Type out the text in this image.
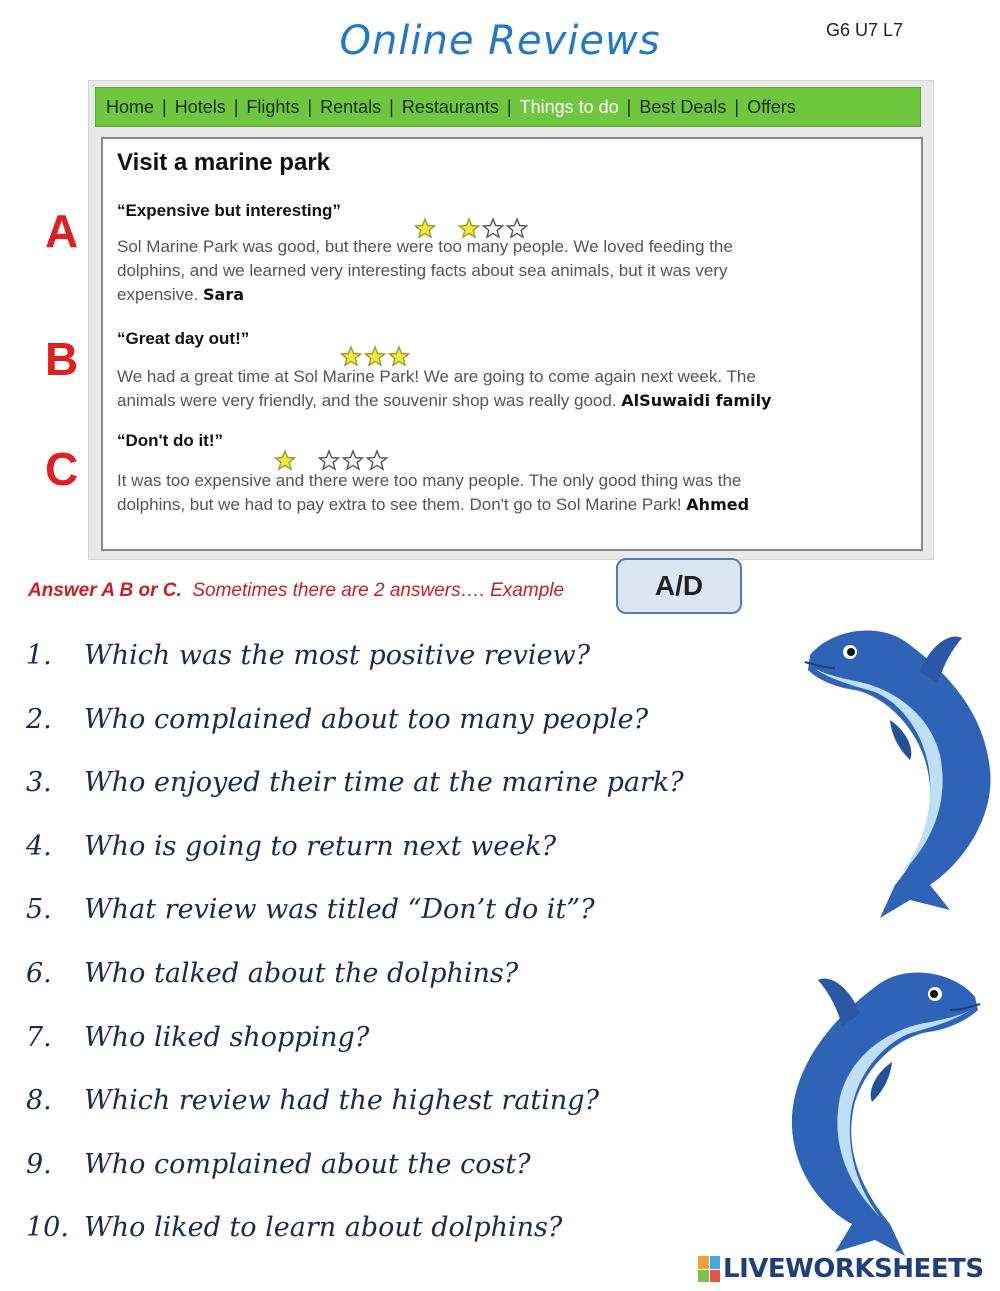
Online Reviews	G6 U7 L7
Home | Hotels | Flights | Rentals | Restaurants | Things to do | Best Deals | Offers
Visit a marine park
“Expensive but interesting”
Sol Marine Park was good, but there were too many people. We loved feeding the
dolphins, and we learned very interesting facts about sea animals, but it was very
expensive. Sara
“Great day out!”
We had a great time at Sol Marine Park! We are going to come again next week. The
animals were very friendly, and the souvenir shop was really good. AlSuwaidi family
“Don't do it!”
It was too expensive and there were too many people. The only good thing was the
dolphins, but we had to pay extra to see them. Don't go to Sol Marine Park! Ahmed
A
B
C
Answer A B or C. Sometimes there are 2 answers…. Example	A/D
1. Which was the most positive review?
2. Who complained about too many people?
3. Who enjoyed their time at the marine park?
4. Who is going to return next week?
5. What review was titled “Don’t do it”?
6. Who talked about the dolphins?
7. Who liked shopping?
8. Which review had the highest rating?
9. Who complained about the cost?
10. Who liked to learn about dolphins?
LIVEWORKSHEETS
